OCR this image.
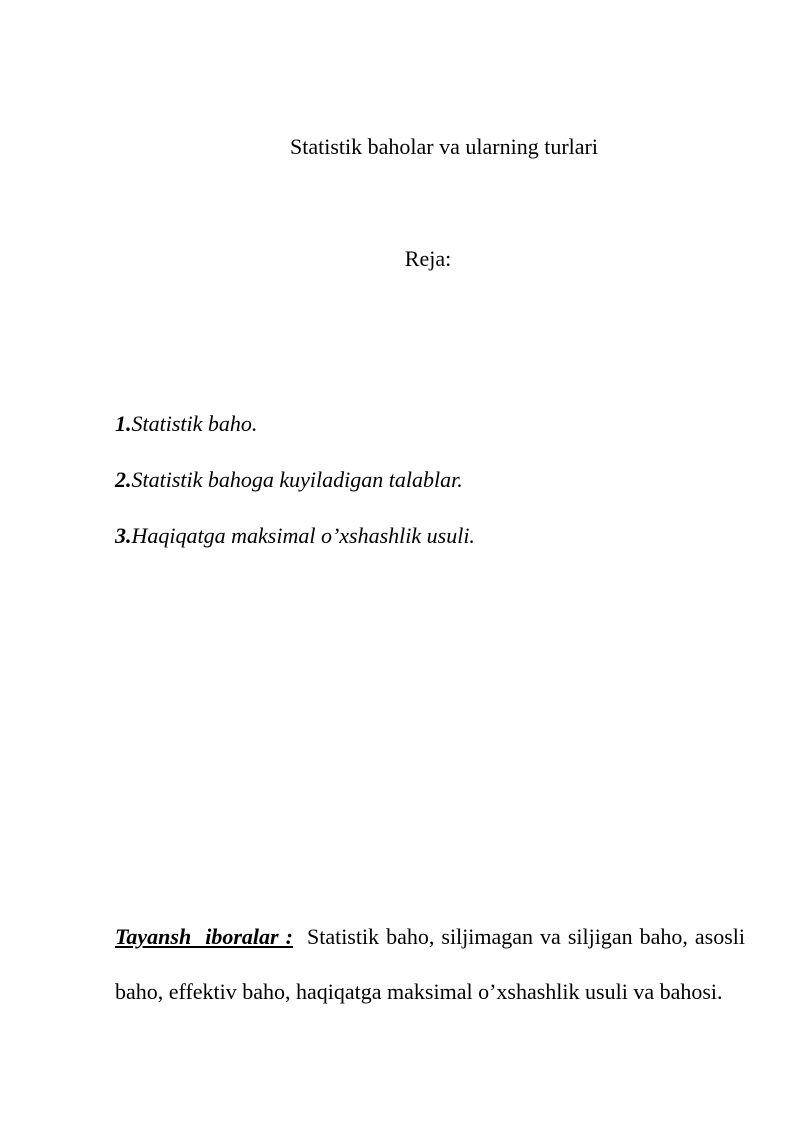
Statistik baholar va ularning turlari
Reja:
1.Statistik baho.
2.Statistik bahoga kuyiladigan talablar.
3.Haqiqatga maksimal o’xshashlik usuli.

Tayansh  iboralar : Statistik baho, siljimagan va siljigan baho, asosli baho, effektiv baho, haqiqatga maksimal o’xshashlik usuli va bahosi.
